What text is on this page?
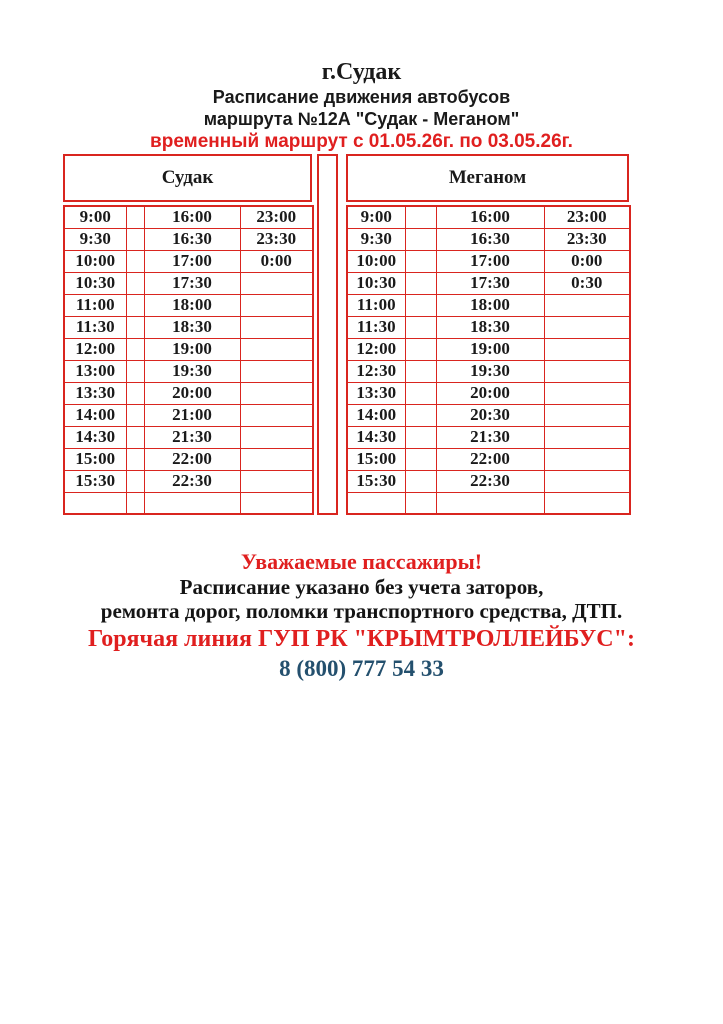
г.Судак
Расписание движения автобусов
маршрута №12А "Судак - Меганом"
временный маршрут с 01.05.26г. по 03.05.26г.
Судак
9:00		16:00	23:00
9:30		16:30	23:30
10:00		17:00	0:00
10:30		17:30	
11:00		18:00	
11:30		18:30	
12:00		19:00	
13:00		19:30	
13:30		20:00	
14:00		21:00	
14:30		21:30	
15:00		22:00	
15:30		22:30	

Меганом
9:00		16:00	23:00
9:30		16:30	23:30
10:00		17:00	0:00
10:30		17:30	0:30
11:00		18:00	
11:30		18:30	
12:00		19:00	
12:30		19:30	
13:30		20:00	
14:00		20:30	
14:30		21:30	
15:00		22:00	
15:30		22:30	

Уважаемые пассажиры!
Расписание указано без учета заторов,
ремонта дорог, поломки транспортного средства, ДТП.
Горячая линия ГУП РК "КРЫМТРОЛЛЕЙБУС":
8 (800) 777 54 33
